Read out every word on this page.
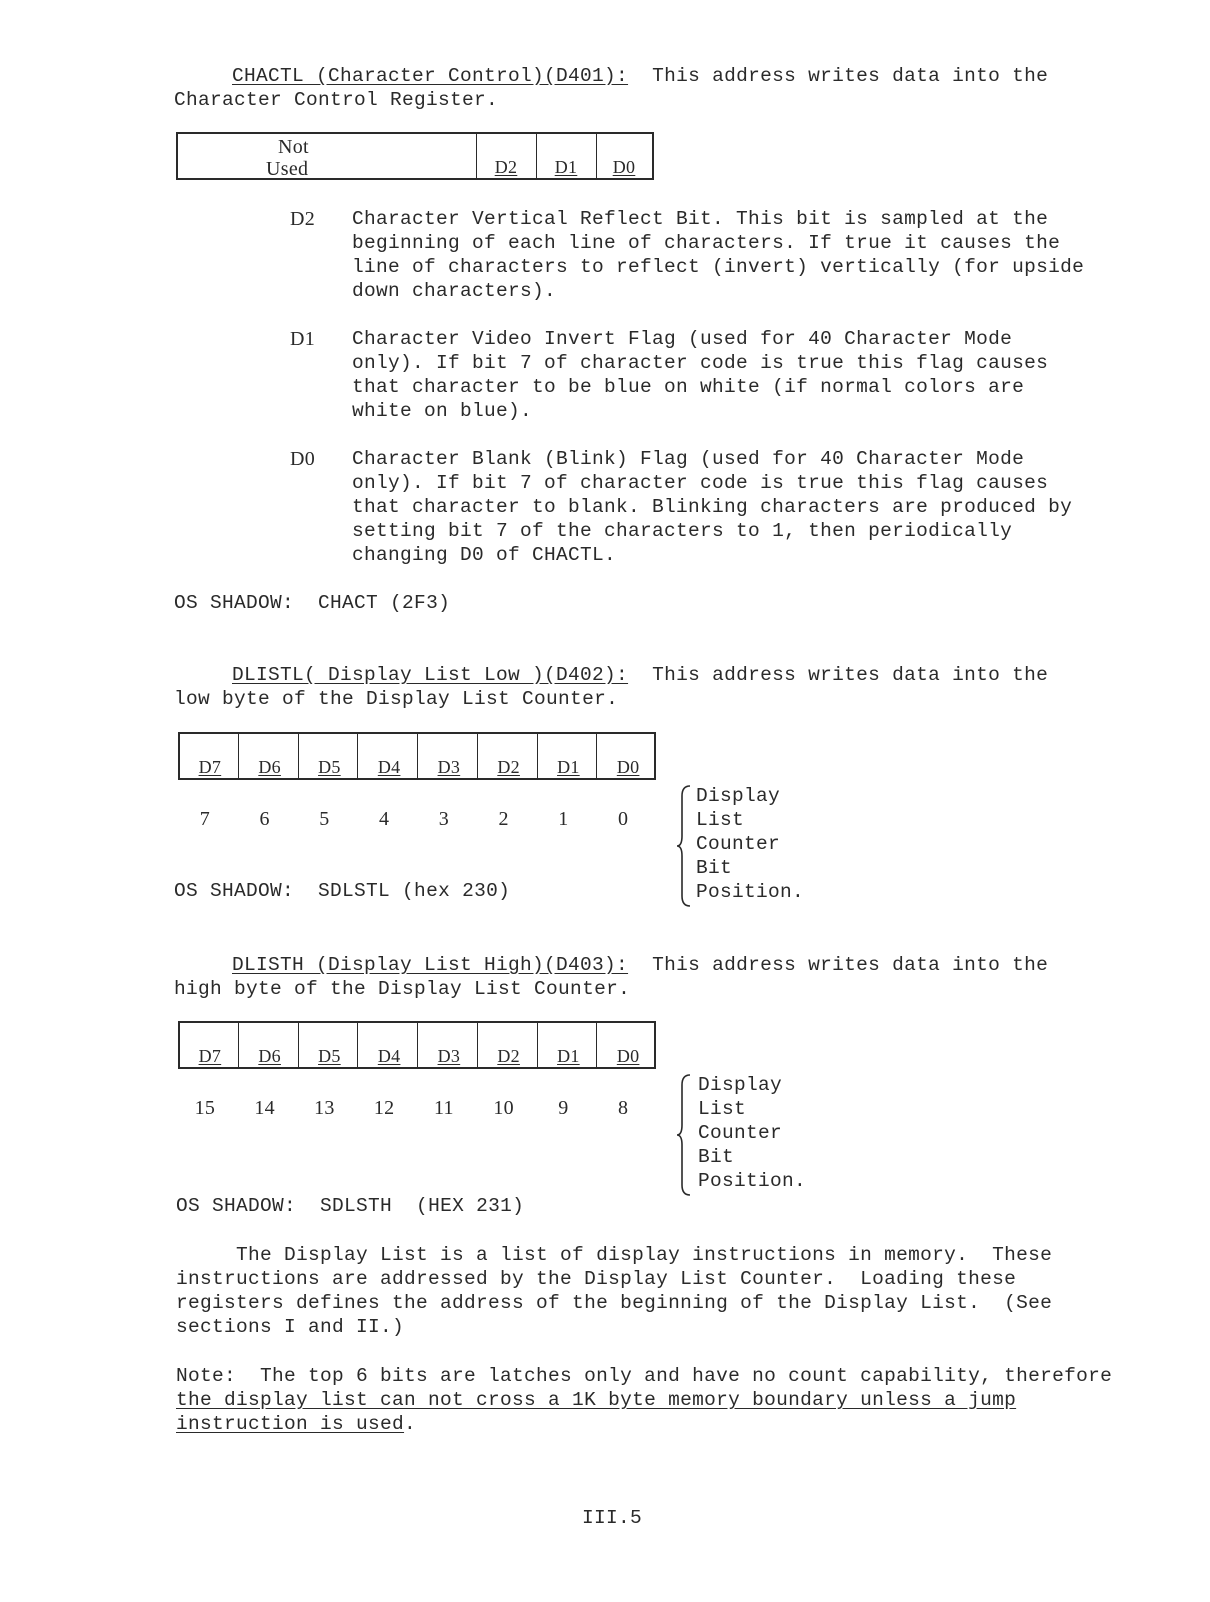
CHACTL (Character Control)(D401): This address writes data into the
Character Control Register.
Not
Used	D2	D1	D0
D2 Character Vertical Reflect Bit. This bit is sampled at the
beginning of each line of characters. If true it causes the
line of characters to reflect (invert) vertically (for upside
down characters).
D1 Character Video Invert Flag (used for 40 Character Mode
only). If bit 7 of character code is true this flag causes
that character to be blue on white (if normal colors are
white on blue).
D0 Character Blank (Blink) Flag (used for 40 Character Mode
only). If bit 7 of character code is true this flag causes
that character to blank. Blinking characters are produced by
setting bit 7 of the characters to 1, then periodically
changing D0 of CHACTL.
OS SHADOW: CHACT (2F3)
DLISTL( Display List Low )(D402): This address writes data into the
low byte of the Display List Counter.
D7	D6	D5	D4	D3	D2	D1	D0
7	6	5	4	3	2	1	0
Display
List
Counter
Bit
Position.
OS SHADOW: SDLSTL (hex 230)
DLISTH (Display List High)(D403): This address writes data into the
high byte of the Display List Counter.
D7	D6	D5	D4	D3	D2	D1	D0
15	14	13	12	11	10	9	8
Display
List
Counter
Bit
Position.
OS SHADOW: SDLSTH  (HEX 231)
The Display List is a list of display instructions in memory.  These
instructions are addressed by the Display List Counter.  Loading these
registers defines the address of the beginning of the Display List.  (See
sections I and II.)
Note:  The top 6 bits are latches only and have no count capability, therefore
the display list can not cross a 1K byte memory boundary unless a jump
instruction is used.
III.5
